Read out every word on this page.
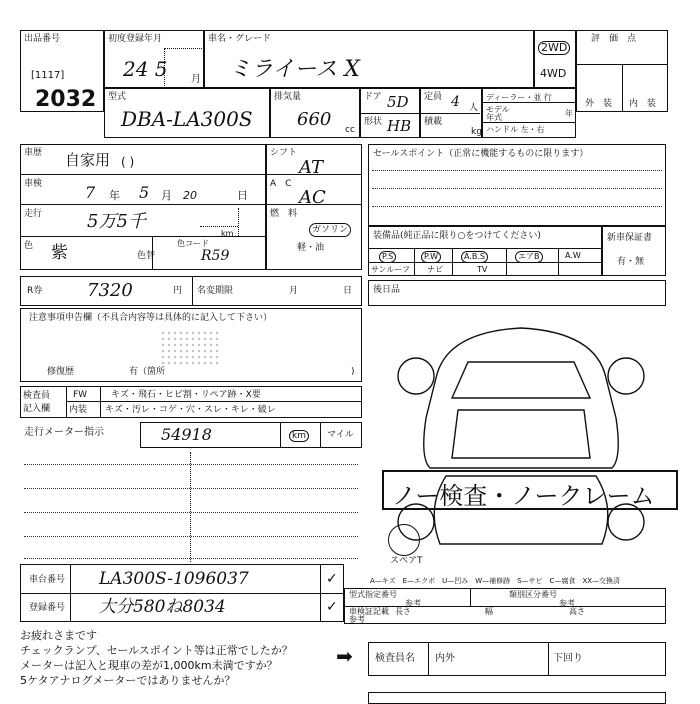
出品番号
[1117]
2032
初度登録年月
24 5 月
車名・グレード
ミライース X
2WD
4WD
評　価　点
外　装 内　装
型式
DBA-LA300S
排気量
660 cc
ドア 5D
形状 HB
定員 4 人
積載
kg
ディーラー・並 行
モデル
年式	年
ハンドル 左・右
車歴 自家用 ( )
車検	7 年 5 月 20	日
走行 5万5千
km
色 紫	色替
色コード
R59
シフト
AT
A　C
AC
燃　料
ガソリン
軽・油
セールスポイント（正常に機能するものに限ります）
装備品(純正品に限り○をつけてください)
P.S	P.W	A.B.S	エアB	A.W
サンルーフ ナビ	TV
新車保証書
有・無
R券 7320	円 名変期限	月	日 後日品
注意事項申告欄（不具合内容等は具体的に記入して下さい）
修復歴	有（箇所	)
検査員
記入欄
FW	キズ・飛石・ヒビ割・リペア跡・X要
内装 キズ・汚レ・コゲ・穴・スレ・キレ・破レ
走行メーター指示	54918	km	マイル
ノー検査・ノークレーム
スペアT
A—キズ　E—エクボ　U—凹み　W—補修跡　S—サビ　C—腐食　XX—交換済
車台番号 LA300S-1096037
登録番号 大分580ね8034
✓
✓
型式指定番号
参考
類別区分番号
参考
車検証記載 長さ	幅	高さ
参考
お疲れさまです
チェックランプ、セールスポイント等は正常でしたか？
メーターは記入と現車の差が1,000km未満ですか？
5ケタアナログメーターではありませんか？
➡ 検査員名 内外	下回り
